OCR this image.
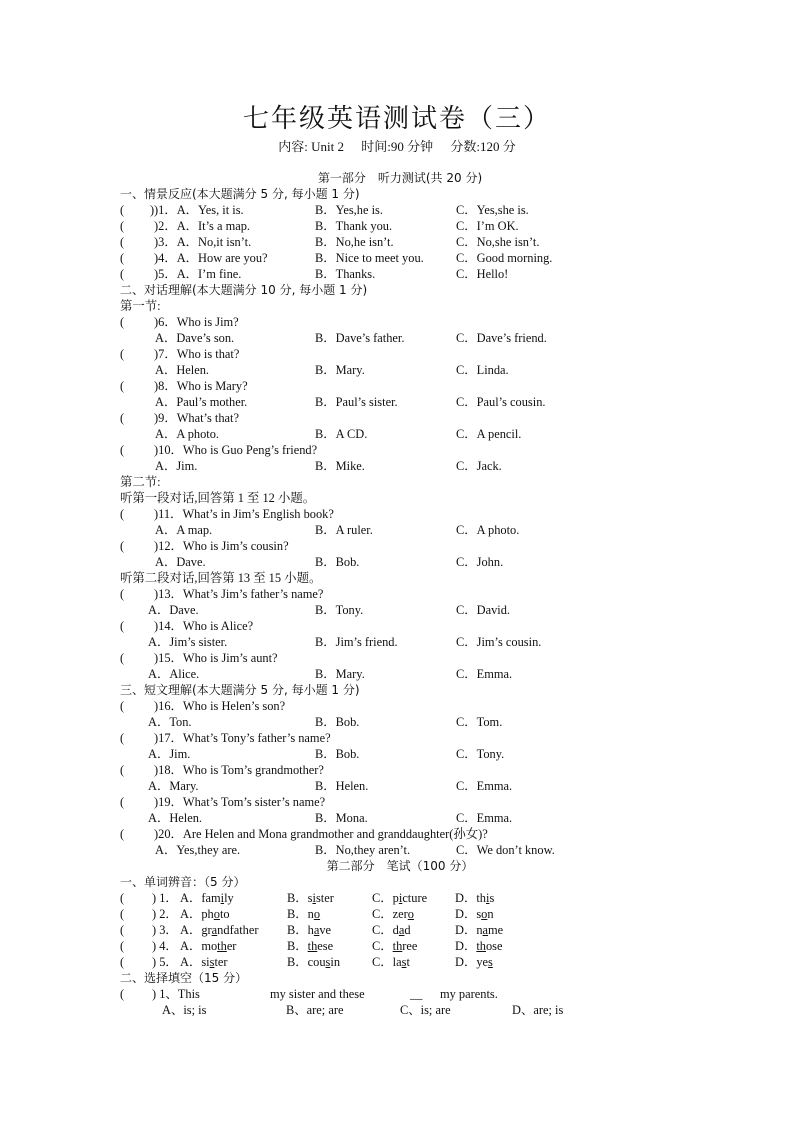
七年级英语测试卷（三）
内容: Unit 2 时间:90 分钟 分数:120 分
第一部分　听力测试(共 20 分)
一、情景反应(本大题满分 5 分, 每小题 1 分)
( ) )1．A．Yes, it is.	B．Yes,he is.	C．Yes,she is.
( )2．A．It’s a map.	B．Thank you.	C．I’m OK.
( )3．A．No,it isn’t.	B．No,he isn’t.	C．No,she isn’t.
( )4．A．How are you?	B．Nice to meet you.	C．Good morning.
( )5．A．I’m fine.	B．Thanks.	C．Hello!
二、对话理解(本大题满分 10 分, 每小题 1 分)
第一节:
( )6．Who is Jim?
A．Dave’s son.	B．Dave’s father.	C．Dave’s friend.
( )7．Who is that?
A．Helen.	B．Mary.	C．Linda.
( )8．Who is Mary?
A．Paul’s mother.	B．Paul’s sister.	C．Paul’s cousin.
( )9．What’s that?
A．A photo.	B．A CD.	C．A pencil.
( )10．Who is Guo Peng’s friend?
A．Jim.	B．Mike.	C．Jack.
第二节:
听第一段对话,回答第 1 至 12 小题。
( )11．What’s in Jim’s English book?
A．A map.	B．A ruler.	C．A photo.
( )12．Who is Jim’s cousin?
A．Dave.	B．Bob.	C．John.
听第二段对话,回答第 13 至 15 小题。
( )13．What’s Jim’s father’s name?
A．Dave.	B．Tony.	C．David.
( )14．Who is Alice?
A．Jim’s sister.	B．Jim’s friend.	C．Jim’s cousin.
( )15．Who is Jim’s aunt?
A．Alice.	B．Mary.	C．Emma.
三、短文理解(本大题满分 5 分, 每小题 1 分)
( )16．Who is Helen’s son?
A．Ton.	B．Bob.	C．Tom.
( )17．What’s Tony’s father’s name?
A．Jim.	B．Bob.	C．Tony.
( )18．Who is Tom’s grandmother?
A．Mary.	B．Helen.	C．Emma.
( )19．What’s Tom’s sister’s name?
A．Helen.	B．Mona.	C．Emma.
( )20．Are Helen and Mona grandmother and granddaughter(孙女)?
A．Yes,they are.	B．No,they aren’t.	C．We don’t know.
第二部分　笔试（100 分）
一、单词辨音：（5 分）
( ) 1． A．family	B．sister	C．picture D．this
( ) 2． A．photo	B．no	C．zero	D．son
( ) 3． A．grandfather B．have	C．dad	D．name
( ) 4． A．mother	B．these	C．three	D．those
( ) 5． A．sister	B．cousin	C．last	D．yes
二、选择填空（15 分）
( ) 1、This	my sister and these	__ my parents.
A、is; is	B、are; are	C、is; are	D、are; is
